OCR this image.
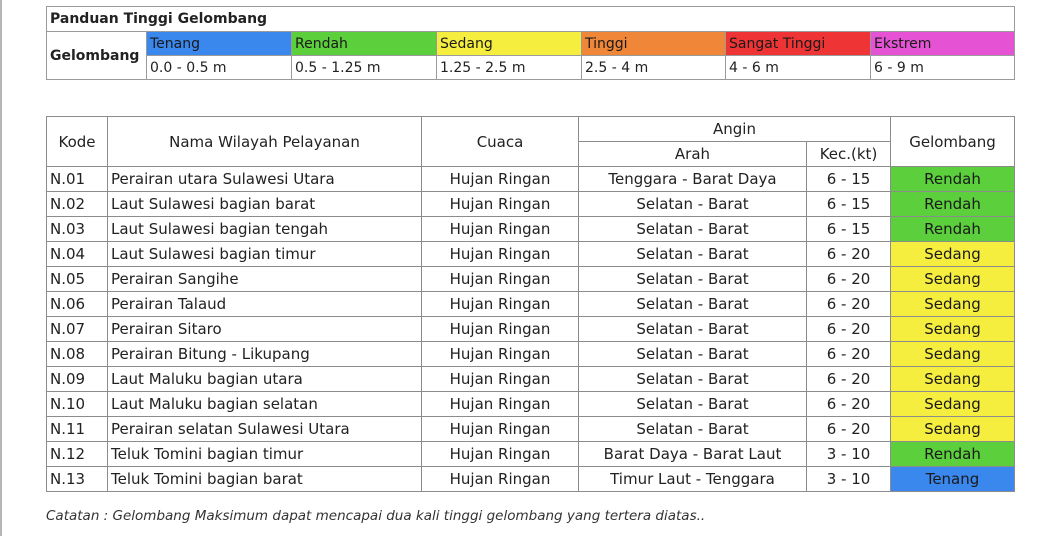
Panduan Tinggi Gelombang						
Gelombang	Tenang	Rendah	Sedang	Tinggi	Sangat Tinggi	Ekstrem
	0.0 - 0.5 m	0.5 - 1.25 m	1.25 - 2.5 m	2.5 - 4 m	4 - 6 m	6 - 9 m
Kode	Nama Wilayah Pelayanan	Cuaca	Angin		Gelombang
			Arah	Kec.(kt)	
N.01	Perairan utara Sulawesi Utara	Hujan Ringan	Tenggara - Barat Daya	6 - 15	Rendah
N.02	Laut Sulawesi bagian barat	Hujan Ringan	Selatan - Barat	6 - 15	Rendah
N.03	Laut Sulawesi bagian tengah	Hujan Ringan	Selatan - Barat	6 - 15	Rendah
N.04	Laut Sulawesi bagian timur	Hujan Ringan	Selatan - Barat	6 - 20	Sedang
N.05	Perairan Sangihe	Hujan Ringan	Selatan - Barat	6 - 20	Sedang
N.06	Perairan Talaud	Hujan Ringan	Selatan - Barat	6 - 20	Sedang
N.07	Perairan Sitaro	Hujan Ringan	Selatan - Barat	6 - 20	Sedang
N.08	Perairan Bitung - Likupang	Hujan Ringan	Selatan - Barat	6 - 20	Sedang
N.09	Laut Maluku bagian utara	Hujan Ringan	Selatan - Barat	6 - 20	Sedang
N.10	Laut Maluku bagian selatan	Hujan Ringan	Selatan - Barat	6 - 20	Sedang
N.11	Perairan selatan Sulawesi Utara	Hujan Ringan	Selatan - Barat	6 - 20	Sedang
N.12	Teluk Tomini bagian timur	Hujan Ringan	Barat Daya - Barat Laut	3 - 10	Rendah
N.13	Teluk Tomini bagian barat	Hujan Ringan	Timur Laut - Tenggara	3 - 10	Tenang
Catatan : Gelombang Maksimum dapat mencapai dua kali tinggi gelombang yang tertera diatas..
